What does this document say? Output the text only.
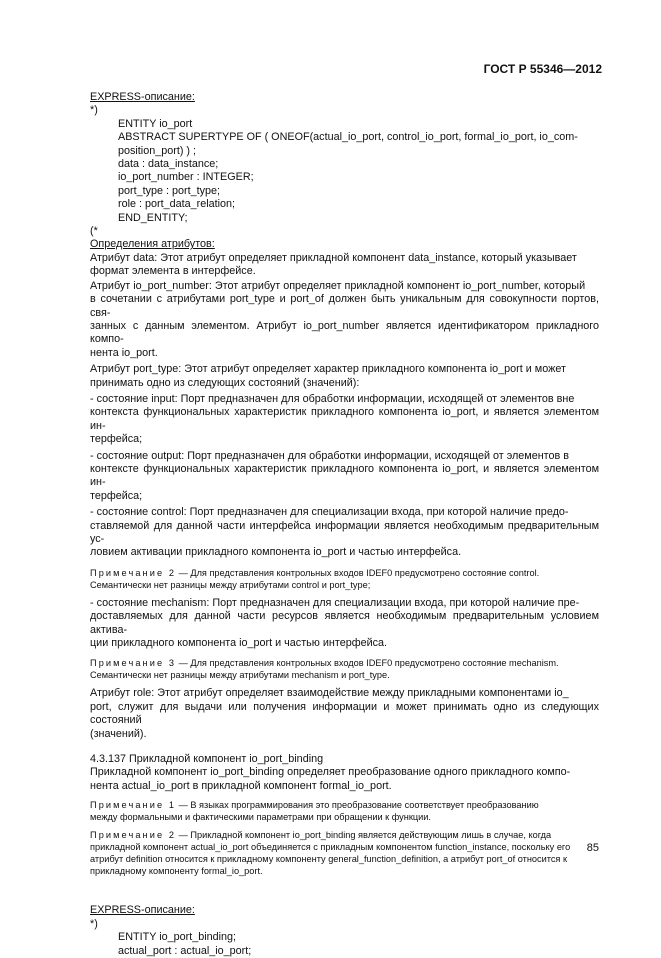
ГОСТ Р 55346—2012

EXPRESS-описание:

*)

ENTITY io_port

ABSTRACT SUPERTYPE OF ( ONEOF(actual_io_port, control_io_port, formal_io_port, io_com-

position_port) ) ;

data : data_instance;

io_port_number : INTEGER;

port_type : port_type;

role : port_data_relation;

END_ENTITY;

(*

Определения атрибутов:

Атрибут data: Этот атрибут определяет прикладной компонент data_instance, который указывает
формат элемента в интерфейсе.
Атрибут io_port_number: Этот атрибут определяет прикладной компонент io_port_number, который
в сочетании с атрибутами port_type и port_of должен быть уникальным для совокупности портов, свя-
занных с данным элементом. Атрибут io_port_number является идентификатором прикладного компо-
нента io_port.
Атрибут port_type: Этот атрибут определяет характер прикладного компонента io_port и может
принимать одно из следующих состояний (значений):
- состояние input: Порт предназначен для обработки информации, исходящей от элементов вне
контекста функциональных характеристик прикладного компонента io_port, и является элементом ин-
терфейса;
- состояние output: Порт предназначен для обработки информации, исходящей от элементов в
контексте функциональных характеристик прикладного компонента io_port, и является элементом ин-
терфейса;
- состояние control: Порт предназначен для специализации входа, при которой наличие предо-
ставляемой для данной части интерфейса информации является необходимым предварительным ус-
ловием активации прикладного компонента io_port и частью интерфейса.
Примечание 2 — Для представления контрольных входов IDEF0 предусмотрено состояние control.
Семантически нет разницы между атрибутами control и port_type;
- состояние mechanism: Порт предназначен для специализации входа, при которой наличие пре-
доставляемых для данной части ресурсов является необходимым предварительным условием актива-
ции прикладного компонента io_port и частью интерфейса.
Примечание 3 — Для представления контрольных входов IDEF0 предусмотрено состояние mechanism.
Семантически нет разницы между атрибутами mechanism и port_type.
Атрибут role: Этот атрибут определяет взаимодействие между прикладными компонентами io_
port, служит для выдачи или получения информации и может принимать одно из следующих состояний
(значений).
4.3.137 Прикладной компонент io_port_binding
Прикладной компонент io_port_binding определяет преобразование одного прикладного компо-
нента actual_io_port в прикладной компонент formal_io_port.
Примечание 1 — В языках программирования это преобразование соответствует преобразованию
между формальными и фактическими параметрами при обращении к функции.
Примечание 2 — Прикладной компонент io_port_binding является действующим лишь в случае, когда
прикладной компонент actual_io_port объединяется с прикладным компонентом function_instance, поскольку его
атрибут definition относится к прикладному компоненту general_function_definition, а атрибут port_of относится к
прикладному компоненту formal_io_port.

EXPRESS-описание:

*)

ENTITY io_port_binding;

actual_port : actual_io_port;

85
